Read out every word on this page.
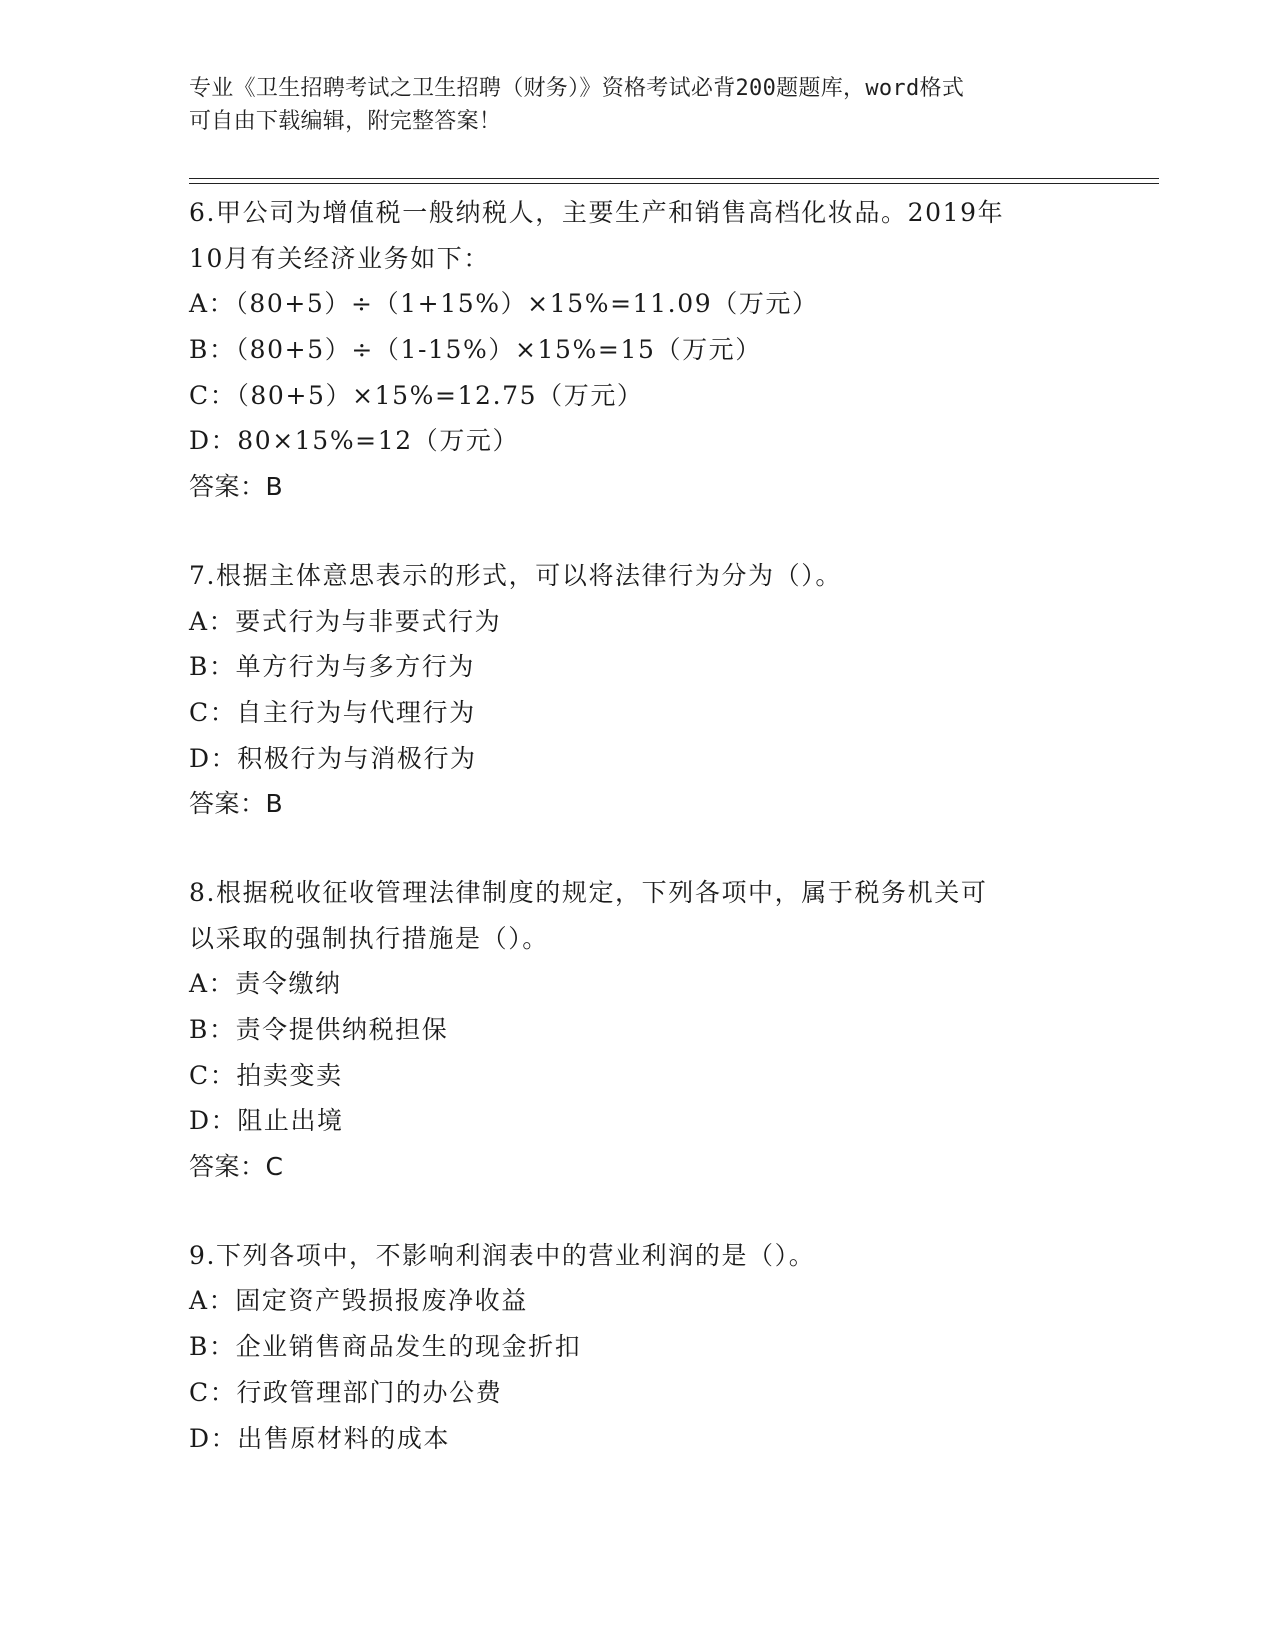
专业《卫生招聘考试之卫生招聘（财务）》资格考试必背200题题库，word格式
可自由下载编辑，附完整答案！
6.甲公司为增值税一般纳税人，主要生产和销售高档化妆品。2019年
10月有关经济业务如下：
A：（80+5）÷（1+15%）×15%=11.09（万元）
B：（80+5）÷（1-15%）×15%=15（万元）
C：（80+5）×15%=12.75（万元）
D：80×15%=12（万元）
答案：B
7.根据主体意思表示的形式，可以将法律行为分为（）。
A：要式行为与非要式行为
B：单方行为与多方行为
C：自主行为与代理行为
D：积极行为与消极行为
答案：B
8.根据税收征收管理法律制度的规定，下列各项中，属于税务机关可
以采取的强制执行措施是（）。
A：责令缴纳
B：责令提供纳税担保
C：拍卖变卖
D：阻止出境
答案：C
9.下列各项中，不影响利润表中的营业利润的是（）。
A：固定资产毁损报废净收益
B：企业销售商品发生的现金折扣
C：行政管理部门的办公费
D：出售原材料的成本
